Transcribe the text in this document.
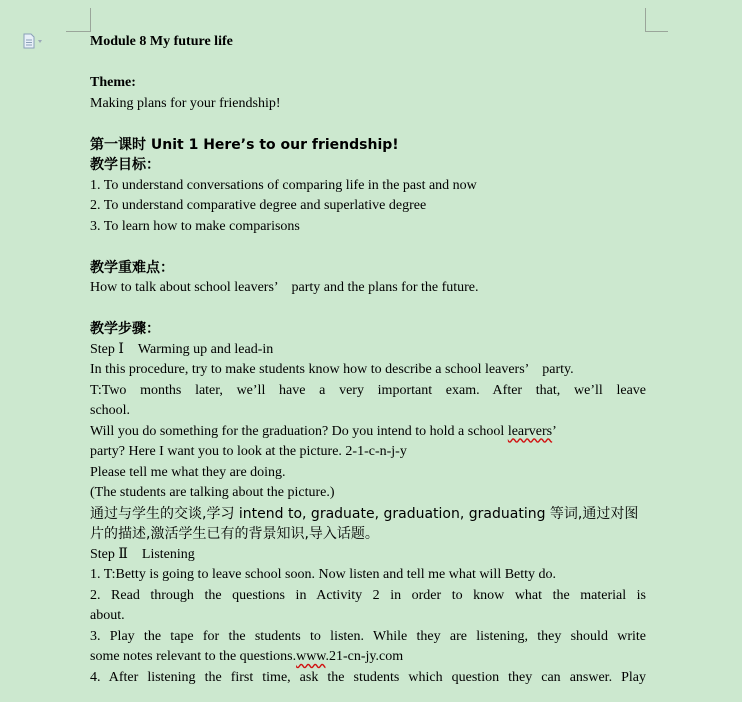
Module 8 My future life
Theme:
Making plans for your friendship!
第一课时 Unit 1 Here’s to our friendship!
教学目标：
1. To understand conversations of comparing life in the past and now
2. To understand comparative degree and superlative degree
3. To learn how to make comparisons
教学重难点：
How to talk about school leavers’　party and the plans for the future.
教学步骤：
Step Ⅰ　Warming up and lead-in
In this procedure, try to make students know how to describe a school leavers’　party.
T:Two months later, we’ll have a very important exam. After that, we’ll leave
school.
Will you do something for the graduation? Do you intend to hold a school learvers’
party? Here I want you to look at the picture. 2-1-c-n-j-y
Please tell me what they are doing.
(The students are talking about the picture.)
通过与学生的交谈,学习 intend to, graduate, graduation, graduating 等词,通过对图
片的描述,激活学生已有的背景知识,导入话题。
Step Ⅱ　Listening
1. T:Betty is going to leave school soon. Now listen and tell me what will Betty do.
2. Read through the questions in Activity 2 in order to know what the material is
about.
3. Play the tape for the students to listen. While they are listening, they should write
some notes relevant to the questions.www.21-cn-jy.com
4. After listening the first time, ask the students which question they can answer. Play
